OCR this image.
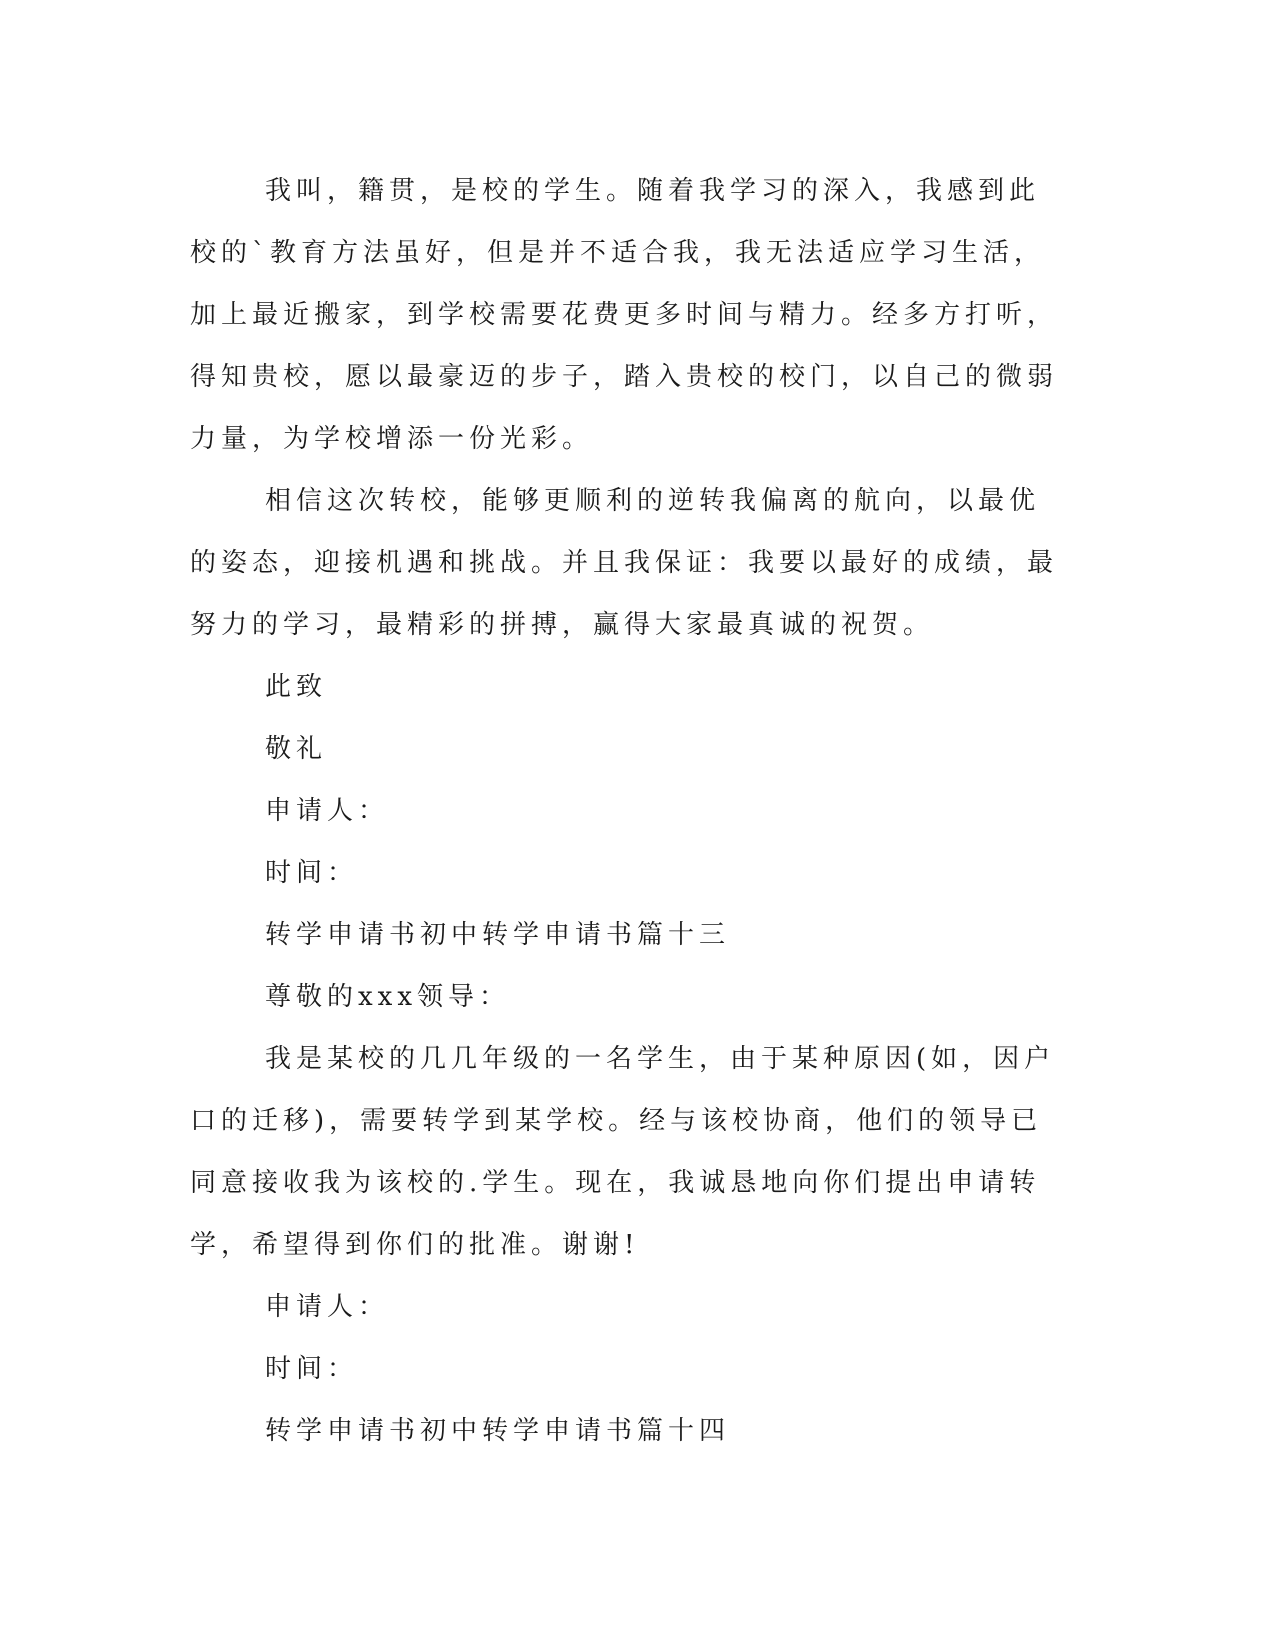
我叫，籍贯，是校的学生。随着我学习的深入，我感到此校的`教育方法虽好，但是并不适合我，我无法适应学习生活，加上最近搬家，到学校需要花费更多时间与精力。经多方打听，得知贵校，愿以最豪迈的步子，踏入贵校的校门，以自己的微弱力量，为学校增添一份光彩。

相信这次转校，能够更顺利的逆转我偏离的航向，以最优的姿态，迎接机遇和挑战。并且我保证：我要以最好的成绩，最努力的学习，最精彩的拼搏，赢得大家最真诚的祝贺。

此致

敬礼

申请人：

时间：

转学申请书初中转学申请书篇十三

尊敬的xxx领导：

我是某校的几几年级的一名学生，由于某种原因(如，因户口的迁移)，需要转学到某学校。经与该校协商，他们的领导已同意接收我为该校的.学生。现在，我诚恳地向你们提出申请转学，希望得到你们的批准。谢谢!

申请人：

时间：

转学申请书初中转学申请书篇十四
